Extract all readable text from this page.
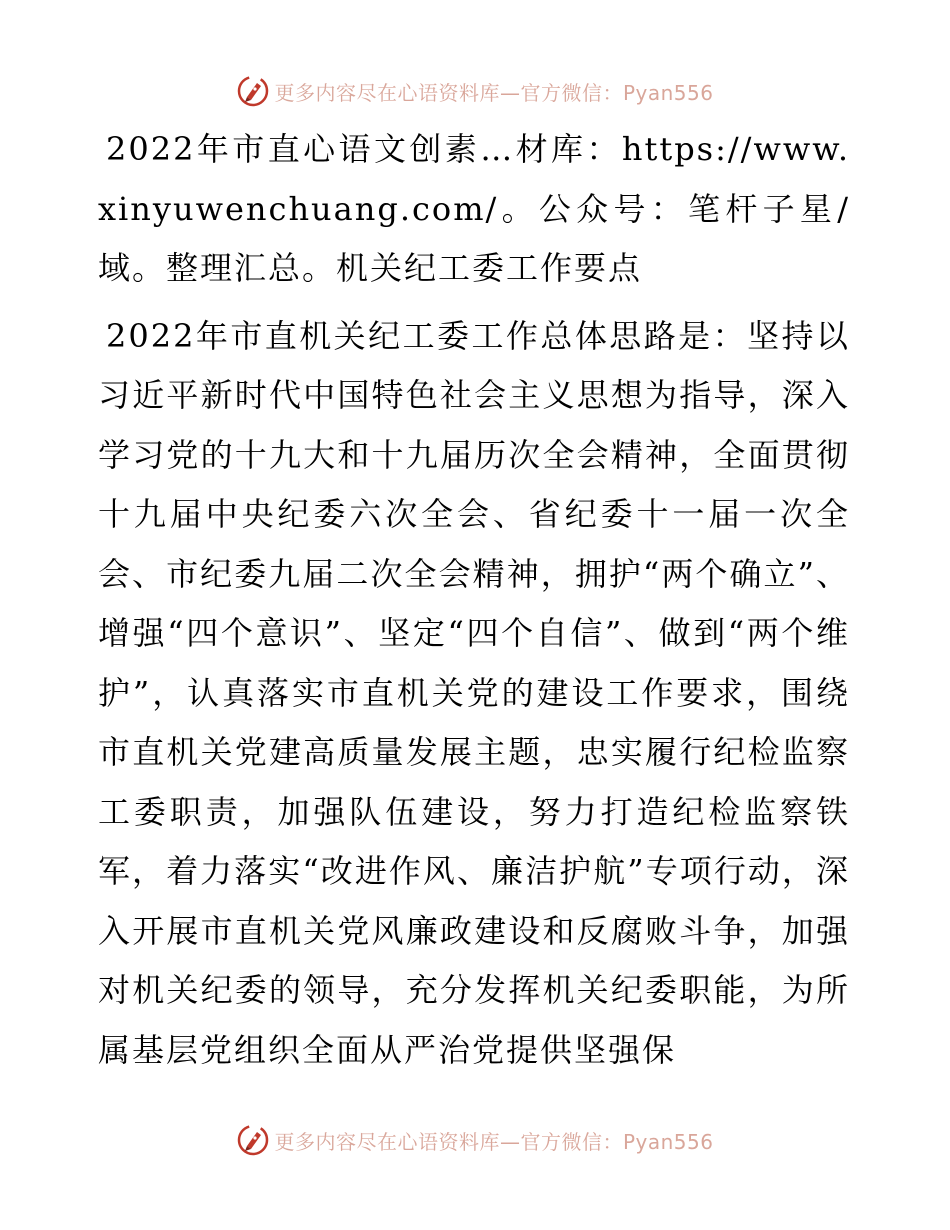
更多内容尽在心语资料库—官方微信：Pyan556

2022年市直心语文创素…材库：https://www.xinyuwenchuang.com/。公众号：笔杆子星/域。整理汇总。机关纪工委工作要点

2022年市直机关纪工委工作总体思路是：坚持以习近平新时代中国特色社会主义思想为指导，深入学习党的十九大和十九届历次全会精神，全面贯彻十九届中央纪委六次全会、省纪委十一届一次全会、市纪委九届二次全会精神，拥护“两个确立”、增强“四个意识”、坚定“四个自信”、做到“两个维护”，认真落实市直机关党的建设工作要求，围绕市直机关党建高质量发展主题，忠实履行纪检监察工委职责，加强队伍建设，努力打造纪检监察铁军，着力落实“改进作风、廉洁护航”专项行动，深入开展市直机关党风廉政建设和反腐败斗争，加强对机关纪委的领导，充分发挥机关纪委职能，为所属基层党组织全面从严治党提供坚强保

更多内容尽在心语资料库—官方微信：Pyan556
